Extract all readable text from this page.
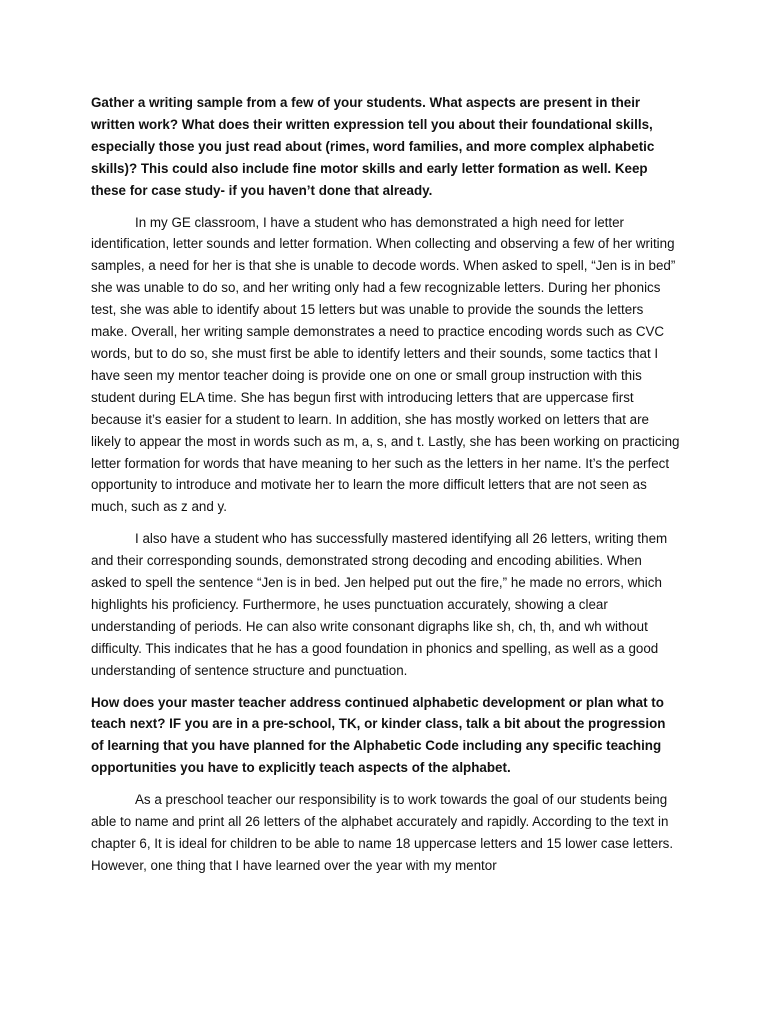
Gather a writing sample from a few of your students. What aspects are present in their written work? What does their written expression tell you about their foundational skills, especially those you just read about (rimes, word families, and more complex alphabetic skills)? This could also include fine motor skills and early letter formation as well. Keep these for case study- if you haven’t done that already.

In my GE classroom, I have a student who has demonstrated a high need for letter identification, letter sounds and letter formation. When collecting and observing a few of her writing samples, a need for her is that she is unable to decode words. When asked to spell, “Jen is in bed” she was unable to do so, and her writing only had a few recognizable letters. During her phonics test, she was able to identify about 15 letters but was unable to provide the sounds the letters make. Overall, her writing sample demonstrates a need to practice encoding words such as CVC words, but to do so, she must first be able to identify letters and their sounds, some tactics that I have seen my mentor teacher doing is provide one on one or small group instruction with this student during ELA time. She has begun first with introducing letters that are uppercase first because it’s easier for a student to learn. In addition, she has mostly worked on letters that are likely to appear the most in words such as m, a, s, and t. Lastly, she has been working on practicing letter formation for words that have meaning to her such as the letters in her name. It’s the perfect opportunity to introduce and motivate her to learn the more difficult letters that are not seen as much, such as z and y.

I also have a student who has successfully mastered identifying all 26 letters, writing them and their corresponding sounds, demonstrated strong decoding and encoding abilities. When asked to spell the sentence “Jen is in bed. Jen helped put out the fire,” he made no errors, which highlights his proficiency. Furthermore, he uses punctuation accurately, showing a clear understanding of periods. He can also write consonant digraphs like sh, ch, th, and wh without difficulty. This indicates that he has a good foundation in phonics and spelling, as well as a good understanding of sentence structure and punctuation.

How does your master teacher address continued alphabetic development or plan what to teach next? IF you are in a pre-school, TK, or kinder class, talk a bit about the progression of learning that you have planned for the Alphabetic Code including any specific teaching opportunities you have to explicitly teach aspects of the alphabet.

As a preschool teacher our responsibility is to work towards the goal of our students being able to name and print all 26 letters of the alphabet accurately and rapidly. According to the text in chapter 6, It is ideal for children to be able to name 18 uppercase letters and 15 lower case letters. However, one thing that I have learned over the year with my mentor
